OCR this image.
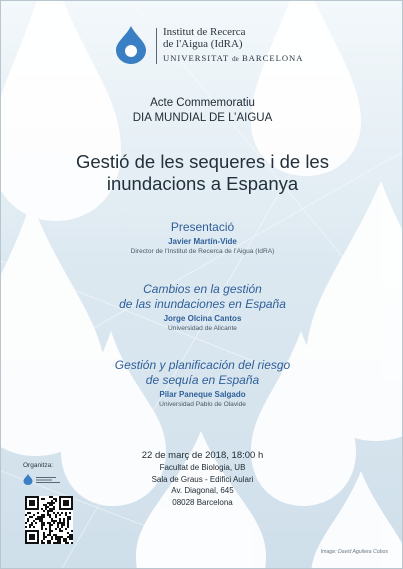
Institut de Recerca
de l'Aigua (IdRA)
UNIVERSITAT de BARCELONA
Acte Commemoratiu
DIA MUNDIAL DE L’AIGUA
Gestió de les sequeres i de les
inundacions a Espanya
Presentació
Javier Martín-Vide
Director de l’Institut de Recerca de l’Aigua (IdRA)
Cambios en la gestión
de las inundaciones en España
Jorge Olcina Cantos
Universidad de Alicante
Gestión y planificación del riesgo
de sequía en España
Pilar Paneque Salgado
Universidad Pablo de Olavide
22 de març de 2018, 18:00 h
Facultat de Biologia, UB
Sala de Graus - Edifici Aulari
Av. Diagonal, 645
08028 Barcelona
Organitza:
Image: David Aguilera Cobos
